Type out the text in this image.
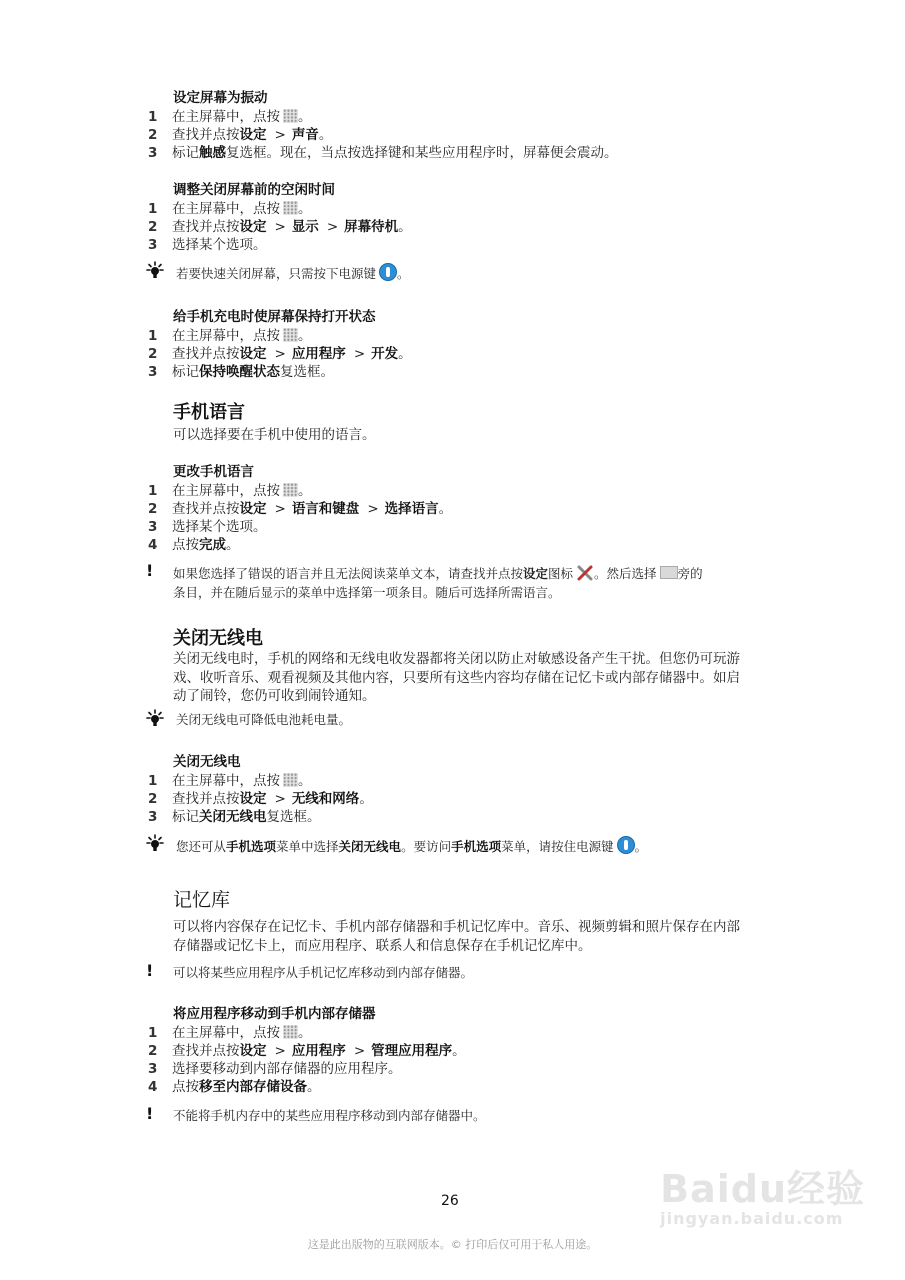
设定屏幕为振动
1 在主屏幕中，点按 。
2 查找并点按设定 > 声音。
3 标记触感复选框。现在，当点按选择键和某些应用程序时，屏幕便会震动。
调整关闭屏幕前的空闲时间
1 在主屏幕中，点按 。
2 查找并点按设定 > 显示 > 屏幕待机。
3 选择某个选项。
若要快速关闭屏幕，只需按下电源键 。
给手机充电时使屏幕保持打开状态
1 在主屏幕中，点按 。
2 查找并点按设定 > 应用程序 > 开发。
3 标记保持唤醒状态复选框。
手机语言
可以选择要在手机中使用的语言。
更改手机语言
1 在主屏幕中，点按 。
2 查找并点按设定 > 语言和键盘 > 选择语言。
3 选择某个选项。
4 点按完成。
! 如果您选择了错误的语言并且无法阅读菜单文本，请查找并点按设定图标 。然后选择 旁的
条目，并在随后显示的菜单中选择第一项条目。随后可选择所需语言。
关闭无线电
关闭无线电时，手机的网络和无线电收发器都将关闭以防止对敏感设备产生干扰。但您仍可玩游戏、收听音乐、观看视频及其他内容，只要所有这些内容均存储在记忆卡或内部存储器中。如启动了闹铃，您仍可收到闹铃通知。
关闭无线电可降低电池耗电量。
关闭无线电
1 在主屏幕中，点按 。
2 查找并点按设定 > 无线和网络。
3 标记关闭无线电复选框。
您还可从手机选项菜单中选择关闭无线电。要访问手机选项菜单，请按住电源键 。
记忆库
可以将内容保存在记忆卡、手机内部存储器和手机记忆库中。音乐、视频剪辑和照片保存在内部存储器或记忆卡上，而应用程序、联系人和信息保存在手机记忆库中。
! 可以将某些应用程序从手机记忆库移动到内部存储器。
将应用程序移动到手机内部存储器
1 在主屏幕中，点按 。
2 查找并点按设定 > 应用程序 > 管理应用程序。
3 选择要移动到内部存储器的应用程序。
4 点按移至内部存储设备。
! 不能将手机内存中的某些应用程序移动到内部存储器中。
26	Baidu经验
jingyan.baidu.com
这是此出版物的互联网版本。© 打印后仅可用于私人用途。
